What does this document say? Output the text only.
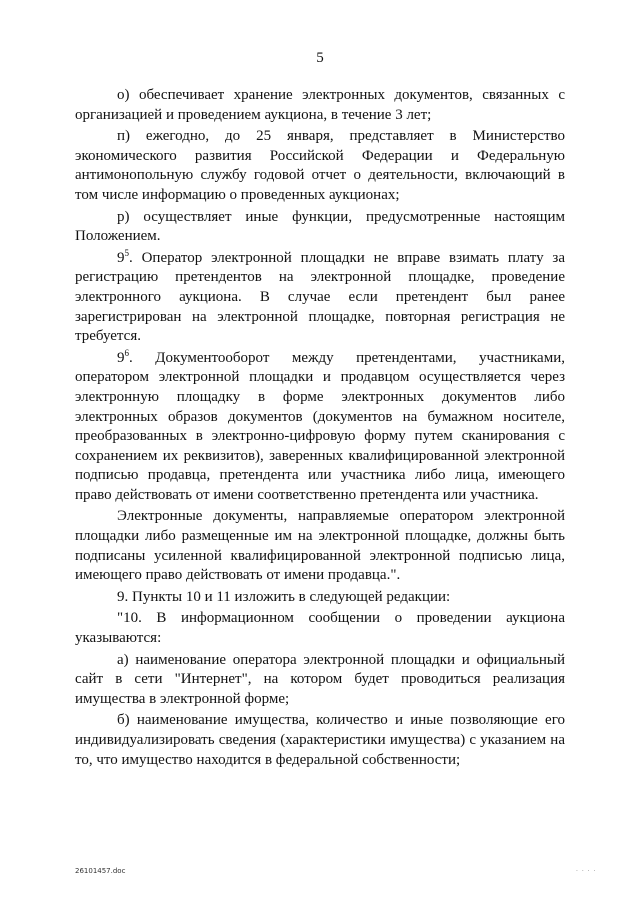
5

о) обеспечивает хранение электронных документов, связанных с организацией и проведением аукциона, в течение 3 лет;

п) ежегодно, до 25 января, представляет в Министерство экономического развития Российской Федерации и Федеральную антимонопольную службу годовой отчет о деятельности, включающий в том числе информацию о проведенных аукционах;

р) осуществляет иные функции, предусмотренные настоящим Положением.

$9^5$. Оператор электронной площадки не вправе взимать плату за регистрацию претендентов на электронной площадке, проведение электронного аукциона. В случае если претендент был ранее зарегистрирован на электронной площадке, повторная регистрация не требуется.

$9^6$. Документооборот между претендентами, участниками, оператором электронной площадки и продавцом осуществляется через электронную площадку в форме электронных документов либо электронных образов документов (документов на бумажном носителе, преобразованных в электронно-цифровую форму путем сканирования с сохранением их реквизитов), заверенных квалифицированной электронной подписью продавца, претендента или участника либо лица, имеющего право действовать от имени соответственно претендента или участника.

Электронные документы, направляемые оператором электронной площадки либо размещенные им на электронной площадке, должны быть подписаны усиленной квалифицированной электронной подписью лица, имеющего право действовать от имени продавца.".

9. Пункты 10 и 11 изложить в следующей редакции:

"10. В информационном сообщении о проведении аукциона указываются:

а) наименование оператора электронной площадки и официальный сайт в сети "Интернет", на котором будет проводиться реализация имущества в электронной форме;

б) наименование имущества, количество и иные позволяющие его индивидуализировать сведения (характеристики имущества) с указанием на то, что имущество находится в федеральной собственности;

26101457.doc	· · · ·
